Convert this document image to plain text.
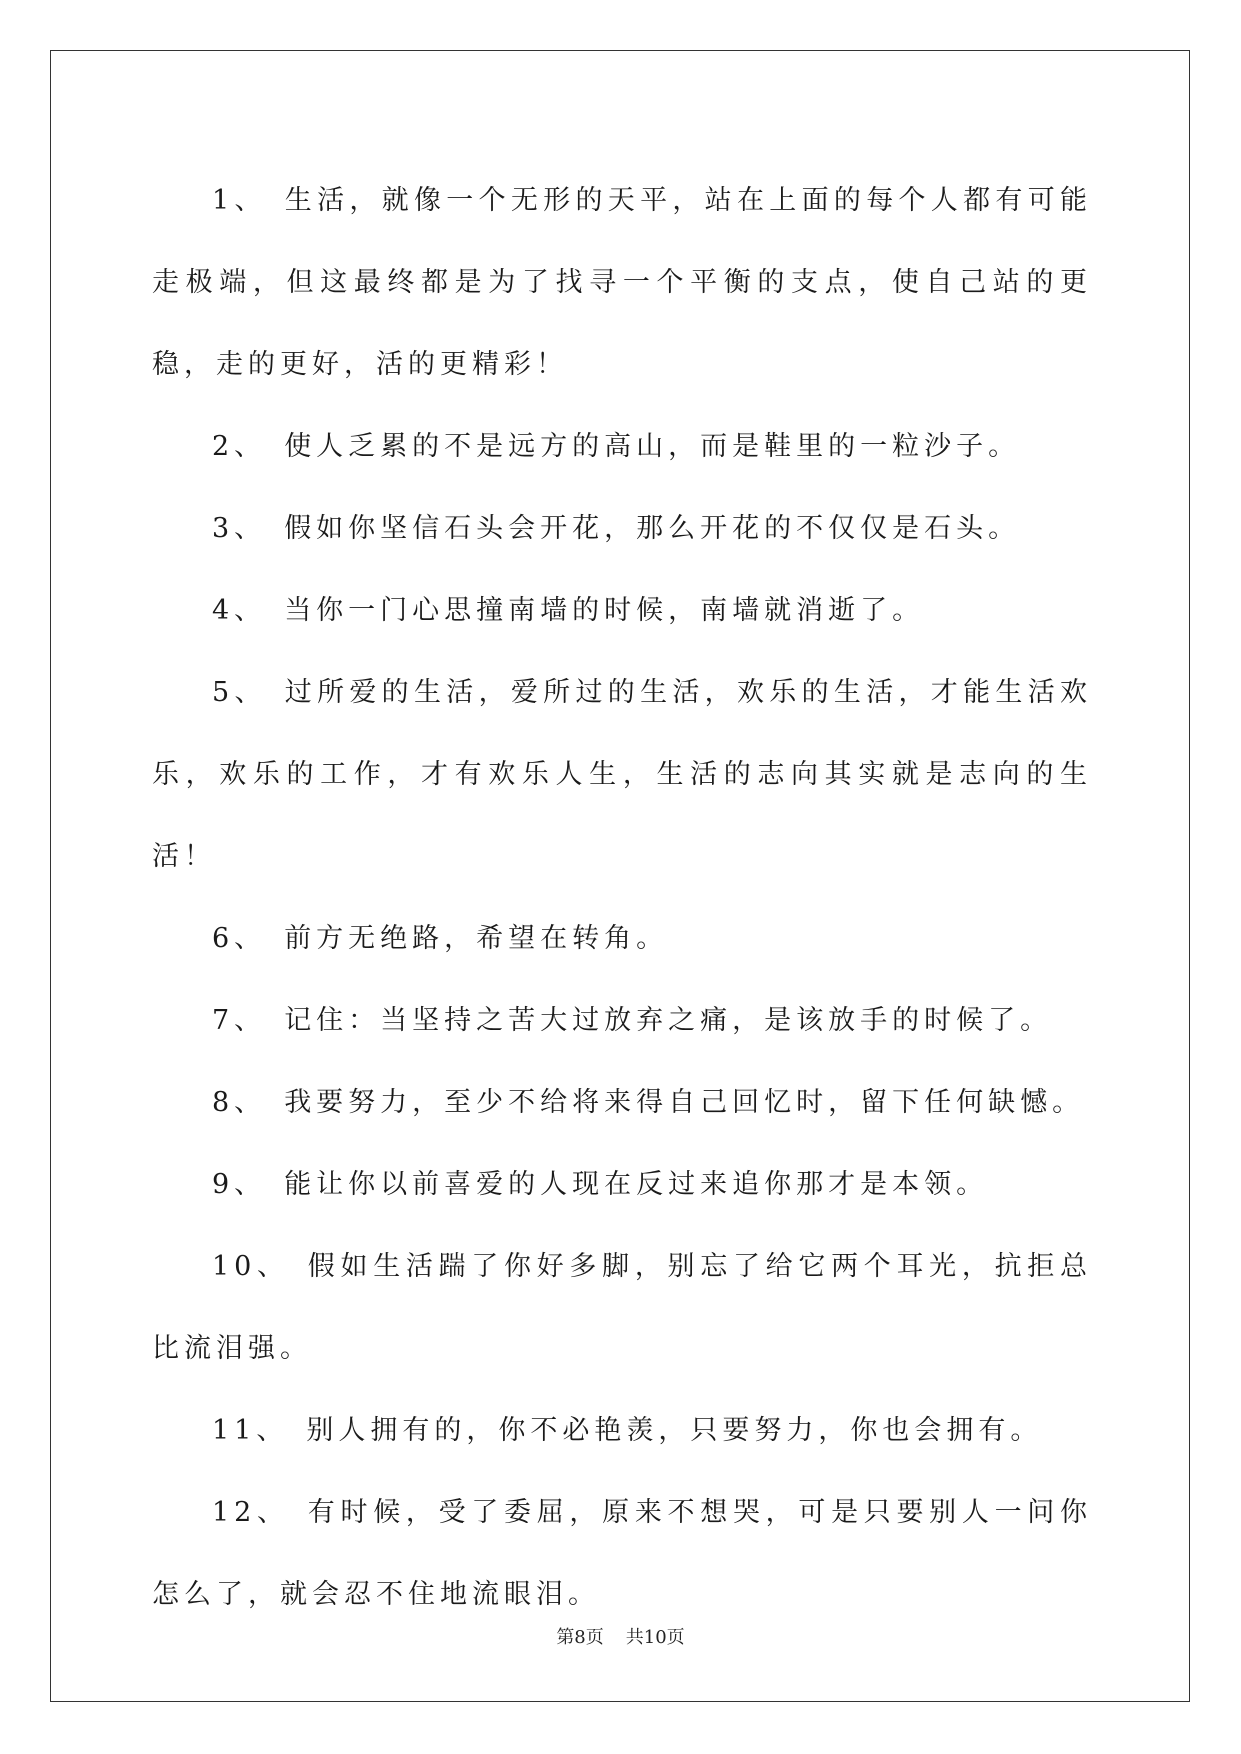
1、 生活，就像一个无形的天平，站在上面的每个人都有可能走极端，但这最终都是为了找寻一个平衡的支点，使自己站的更稳，走的更好，活的更精彩！

2、 使人乏累的不是远方的高山，而是鞋里的一粒沙子。

3、 假如你坚信石头会开花，那么开花的不仅仅是石头。

4、 当你一门心思撞南墙的时候，南墙就消逝了。

5、 过所爱的生活，爱所过的生活，欢乐的生活，才能生活欢乐，欢乐的工作，才有欢乐人生，生活的志向其实就是志向的生活！

6、 前方无绝路，希望在转角。

7、 记住：当坚持之苦大过放弃之痛，是该放手的时候了。

8、 我要努力，至少不给将来得自己回忆时，留下任何缺憾。

9、 能让你以前喜爱的人现在反过来追你那才是本领。

10、 假如生活踹了你好多脚，别忘了给它两个耳光，抗拒总比流泪强。

11、 别人拥有的，你不必艳羡，只要努力，你也会拥有。

12、 有时候，受了委屈，原来不想哭，可是只要别人一问你怎么了，就会忍不住地流眼泪。

第8页 共10页
